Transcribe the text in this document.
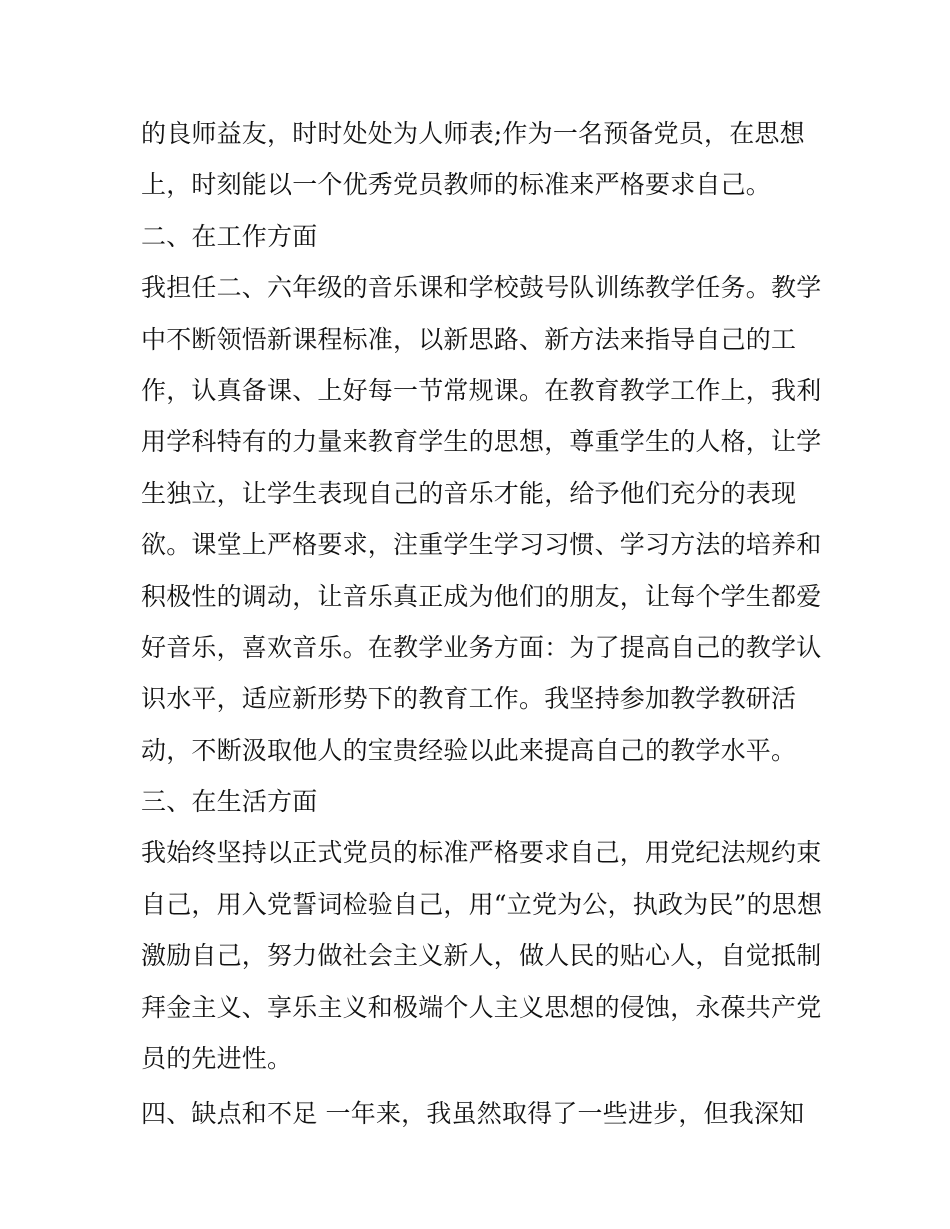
的良师益友，时时处处为人师表;作为一名预备党员，在思想
上，时刻能以一个优秀党员教师的标准来严格要求自己。
二、在工作方面
我担任二、六年级的音乐课和学校鼓号队训练教学任务。教学
中不断领悟新课程标准，以新思路、新方法来指导自己的工
作，认真备课、上好每一节常规课。在教育教学工作上，我利
用学科特有的力量来教育学生的思想，尊重学生的人格，让学
生独立，让学生表现自己的音乐才能，给予他们充分的表现
欲。课堂上严格要求，注重学生学习习惯、学习方法的培养和
积极性的调动，让音乐真正成为他们的朋友，让每个学生都爱
好音乐，喜欢音乐。在教学业务方面：为了提高自己的教学认
识水平，适应新形势下的教育工作。我坚持参加教学教研活
动，不断汲取他人的宝贵经验以此来提高自己的教学水平。
三、在生活方面
我始终坚持以正式党员的标准严格要求自己，用党纪法规约束
自己，用入党誓词检验自己，用“立党为公，执政为民”的思想
激励自己，努力做社会主义新人，做人民的贴心人，自觉抵制
拜金主义、享乐主义和极端个人主义思想的侵蚀，永葆共产党
员的先进性。
四、缺点和不足 一年来，我虽然取得了一些进步，但我深知
